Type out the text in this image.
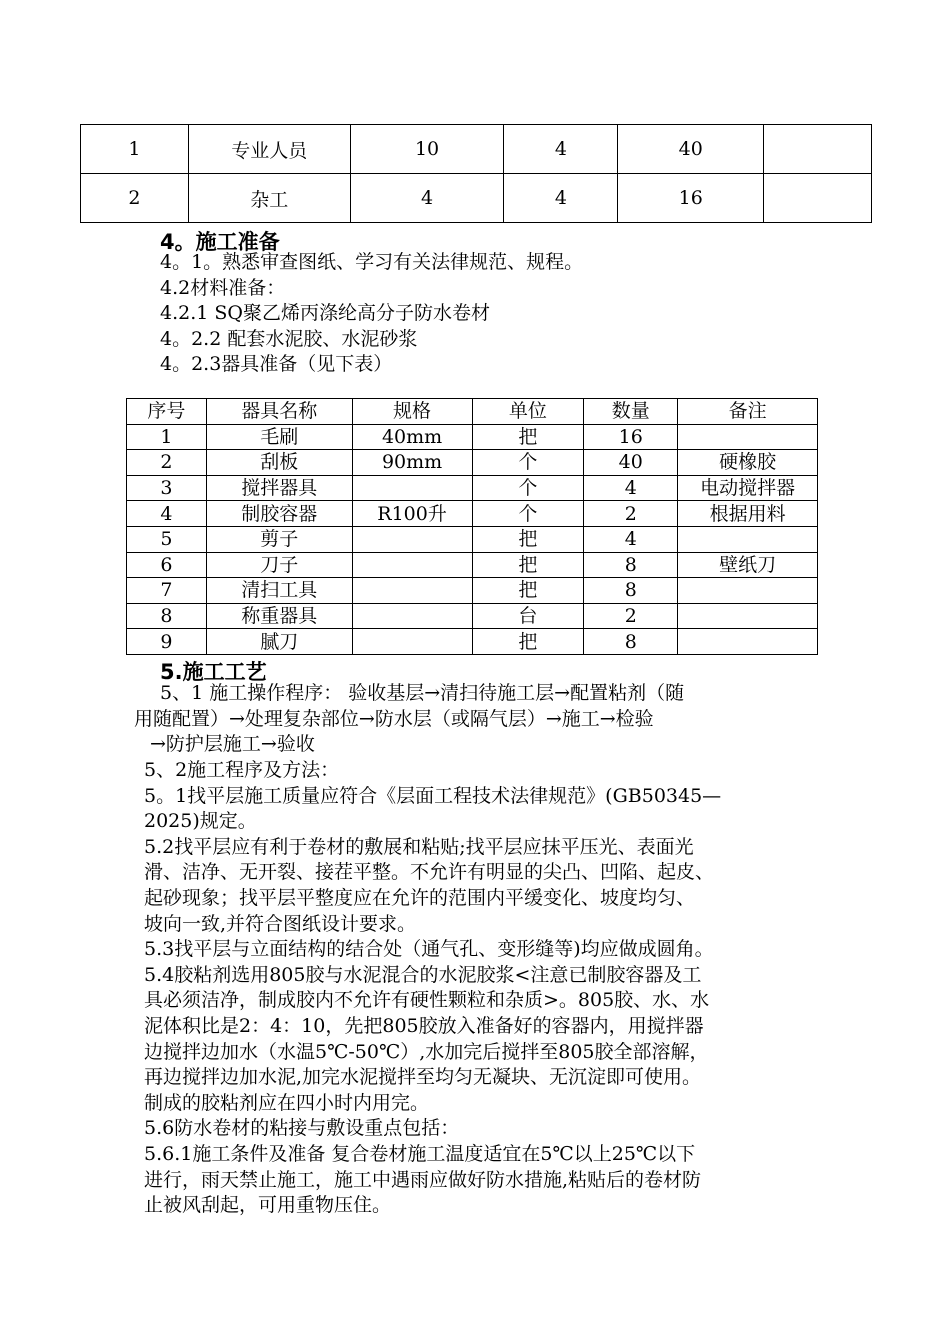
1	专业人员	10	4	40	
2	杂工	4	4	16	
4。施工准备
4。1。熟悉审查图纸、学习有关法律规范、规程。
4.2材料准备：
4.2.1 SQ聚乙烯丙涤纶高分子防水卷材
4。2.2 配套水泥胶、水泥砂浆
4。2.3器具准备（见下表）
序号	器具名称	规格	单位	数量	备注
1	毛刷	40mm	把	16	
2	刮板	90mm	个	40	硬橡胶
3	搅拌器具		个	4	电动搅拌器
4	制胶容器	R100升	个	2	根据用料
5	剪子		把	4	
6	刀子		把	8	壁纸刀
7	清扫工具		把	8	
8	称重器具		台	2	
9	腻刀		把	8	
5.施工工艺
5、1 施工操作程序： 验收基层→清扫待施工层→配置粘剂（随
用随配置）→处理复杂部位→防水层（或隔气层）→施工→检验
→防护层施工→验收
5、2施工程序及方法：
5。1找平层施工质量应符合《层面工程技术法律规范》(GB50345—
2025)规定。
5.2找平层应有利于卷材的敷展和粘贴;找平层应抹平压光、表面光
滑、洁净、无开裂、接茬平整。不允许有明显的尖凸、凹陷、起皮、
起砂现象；找平层平整度应在允许的范围内平缓变化、坡度均匀、
坡向一致,并符合图纸设计要求。
5.3找平层与立面结构的结合处（通气孔、变形缝等)均应做成圆角。
5.4胶粘剂选用805胶与水泥混合的水泥胶浆<注意已制胶容器及工
具必须洁净，制成胶内不允许有硬性颗粒和杂质>。805胶、水、水
泥体积比是2：4：10，先把805胶放入准备好的容器内，用搅拌器
边搅拌边加水（水温5℃-50℃）,水加完后搅拌至805胶全部溶解，
再边搅拌边加水泥,加完水泥搅拌至均匀无凝块、无沉淀即可使用。
制成的胶粘剂应在四小时内用完。
5.6防水卷材的粘接与敷设重点包括：
5.6.1施工条件及准备 复合卷材施工温度适宜在5℃以上25℃以下
进行，雨天禁止施工，施工中遇雨应做好防水措施,粘贴后的卷材防
止被风刮起，可用重物压住。
